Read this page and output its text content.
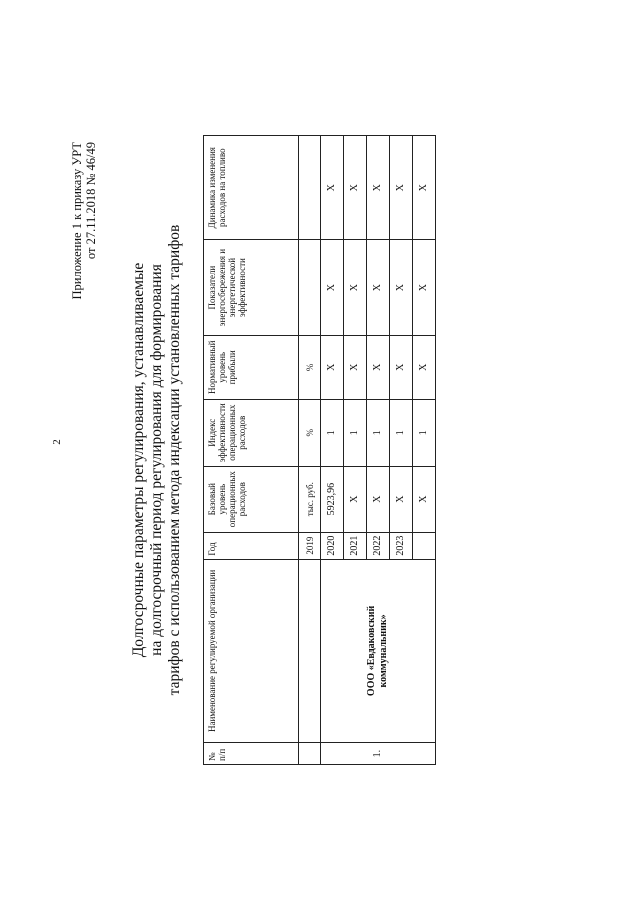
2
Приложение 1 к приказу УРТ от 27.11.2018 № 46/49
Долгосрочные параметры регулирования, устанавливаемые на долгосрочный период регулирования для формирования тарифов с использованием метода индексации установленных тарифов
№ п/п	Наименование регулируемой организации	Год	Базовый уровень операционных расходов	Индекс эффективности операционных расходов	Нормативный уровень прибыли	Показатели энергосбережения и энергетической эффективности	Динамика изменения расходов на топливо
		2019	тыс. руб.	%	%		
1.	ООО «Евдаковский коммунальник»	2020	5923,96	1	X	X	X
		2021	X	1	X	X	X
		2022	X	1	X	X	X
		2023	X	1	X	X	X
			X	1	X	X	X
